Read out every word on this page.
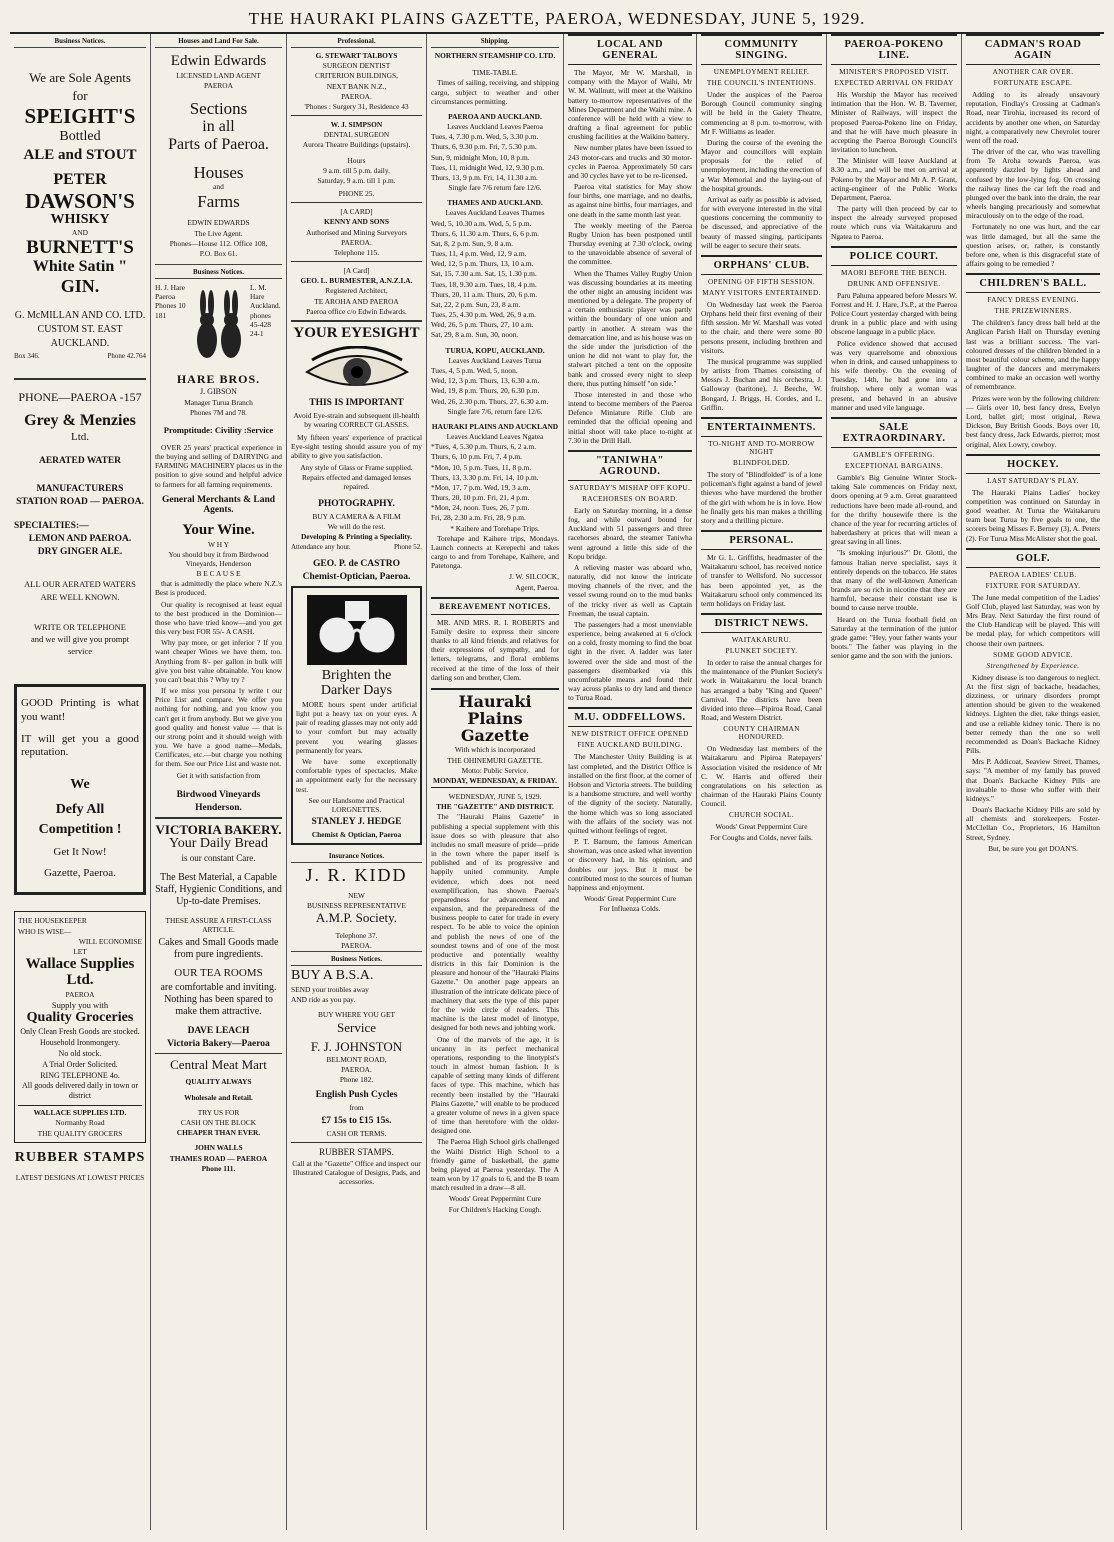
THE HAURAKI PLAINS GAZETTE, PAEROA, WEDNESDAY, JUNE 5, 1929.
Business Notices.
We are Sole Agents
for
SPEIGHT'S
Bottled
ALE and STOUT
PETER
DAWSON'S
WHISKY
AND
BURNETT'S
White Satin "
GIN.
G. McMILLAN AND CO. LTD.
CUSTOM ST. EAST
AUCKLAND.
Box 346.	Phone 42.764
PHONE—PAEROA -157
Grey & Menzies
Ltd.
AERATED WATER
MANUFACTURERS
STATION ROAD — PAEROA.
SPECIALTIES:—
LEMON AND PAEROA.
DRY GINGER ALE.
ALL OUR AERATED WATERS
ARE WELL KNOWN.
WRITE OR TELEPHONE
and we will give you prompt
service
GOOD Printing is what you want!
IT will get you a good reputation.
We
Defy All
Competition !
Get It Now!
Gazette, Paeroa.
THE HOUSEKEEPER
WHO IS WISE—
WILL ECONOMISE
LET
Wallace Supplies Ltd.
PAEROA
Supply you with
Quality Groceries
Only Clean Fresh Goods are stocked.
Household Ironmongery.
No old stock.
A Trial Order Solicited.
RING TELEPHONE 4o.
All goods delivered daily in town or district
WALLACE SUPPLIES LTD.
Normanby Road
THE QUALITY GROCERS
RUBBER STAMPS
LATEST DESIGNS AT LOWEST PRICES
Houses and Land For Sale.
Edwin Edwards
LICENSED LAND AGENT
PAEROA
Sections
in all
Parts of Paeroa.
Houses
and
Farms
EDWIN EDWARDS
The Live Agent.
Phones—House 112. Office 108,
P.O. Box 61.
Business Notices.
H. J. Hare Paeroa Phones 10 181
L. M. Hare Auckland. phones 45-428 24-1
HARE BROS.
J. GIBSON
Manager Turua Branch
Phones 7M and 78.
Promptitude: Civility :Service
OVER 25 years' practical experience in the buying and selling of DAIRYING and FARMING MACHINERY places us in the position to give sound and helpful advice to farmers for all farming requirements.
General Merchants & Land Agents.
Your Wine.
W H Y
You should buy it from Birdwood Vineyards, Henderson
B E C A U S E
that is admittedly the place where N.Z.'s Best is produced.
Our quality is recognised at least equal to the best produced in the Dominion—those who have tried know—and you get this very best FOR 55/- A CASH.
Why pay more, or get inferior ? If you want cheaper Wines we have them, too. Anything from 8/- per gallon in bulk will give you best value obtainable. You know you can't beat this ? Why try ?
If we miss you persona ly write t our Price List and compare. We offer you nothing for nothing, and you know you can't get it from anybody. But we give you good quality and honest value — that is our strong point and it should weigh with you. We have a good name—Medals, Certificates, etc.—but charge you nothing for them. See our Price List and waste not.
Get it with satisfaction from
Birdwood Vineyards
Henderson.
VICTORIA BAKERY.
Your Daily Bread
is our constant Care.
The Best Material, a Capable Staff, Hygienic Conditions, and Up-to-date Premises.
THESE ASSURE A FIRST-CLASS ARTICLE.
Cakes and Small Goods made from pure ingredients.
OUR TEA ROOMS
are comfortable and inviting. Nothing has been spared to make them attractive.
DAVE LEACH
Victoria Bakery—Paeroa
Central Meat Mart
QUALITY ALWAYS
Wholesale and Retail.
TRY US FOR
CASH ON THE BLOCK
CHEAPER THAN EVER.
JOHN WALLS
THAMES ROAD — PAEROA
Phone 111.
Professional.
G. STEWART TALBOYS
SURGEON DENTIST
CRITERION BUILDINGS,
NEXT BANK N.Z.,
PAEROA.
'Phones : Surgery 31, Residence 43
W. J. SIMPSON
DENTAL SURGEON
Aurora Theatre Buildings (upstairs).
Hours
9 a.m. till 5 p.m. daily.
Saturday, 9 a.m. till 1 p.m.
PHONE 25.
[A CARD]
KENNY AND SONS
Authorised and Mining Surveyors
PAEROA.
Telephone 115.
[A Card]
GEO. L. BURMESTER, A.N.Z.I.A.
Registered Architect,
TE AROHA AND PAEROA
Paeroa office c/o Edwin Edwards.
YOUR EYESIGHT
THIS IS IMPORTANT
Avoid Eye-strain and subsequent ill-health by wearing CORRECT GLASSES.
My fifteen years' experience of practical Eye-sight testing should assure you of my ability to give you satisfaction.
Any style of Glass or Frame supplied.
Repairs effected and damaged lenses repaired.
PHOTOGRAPHY.
BUY A CAMERA & A FILM
We will do the rest.
Developing & Printing a Speciality.
Attendance any hour.	Phone 52.
GEO. P. de CASTRO
Chemist-Optician, Paeroa.
Brighten the
Darker Days
MORE hours spent under artificial light put a heavy tax on your eyes. A pair of reading glasses may not only add to your comfort but may actually prevent you wearing glasses permanently for years.
We have some exceptionally comfortable types of spectacles. Make an appointment early for the necessary test.
See our Handsome and Practical LORGNETTES.
STANLEY J. HEDGE
Chemist & Optician, Paeroa
Insurance Notices.
J. R. KIDD
NEW
BUSINESS REPRESENTATIVE
A.M.P. Society.
Telephone 37.
PAEROA.
Business Notices.
BUY A B.S.A.
SEND your troubles away
AND ride as you pay.
BUY WHERE YOU GET
Service
F. J. JOHNSTON
BELMONT ROAD,
PAEROA.
Phone 182.
English Push Cycles
from
£7 15s to £15 15s.
CASH OR TERMS.
RUBBER STAMPS.
Call at the "Gazette" Office and inspect our Illustrated Catalogue of Designs, Pads, and accessories.
Shipping.
NORTHERN STEAMSHIP CO. LTD.
TIME-TABLE.
Times of sailing, receiving, and shipping cargo, subject to weather and other circumstances permitting.
PAEROA AND AUCKLAND.
Leaves Auckland Leaves Paeroa
Tues, 4, 7.30 p.m. Wed, 5, 3.30 p.m.
Thurs, 6, 9.30 p.m. Fri, 7, 5.30 p.m.
Sun, 9, midnight Mon, 10, 8 p.m.
Tues, 11, midnight Wed, 12, 9.30 p.m.
Thurs, 13, 9 p.m. Fri, 14, 11.30 a.m.
Single fare 7/6 return fare 12/6.
THAMES AND AUCKLAND.
Leaves Auckland Leaves Thames
Wed, 5, 10.30 a.m. Wed, 5, 5 p.m.
Thurs, 6, 11.30 a.m. Thurs, 6, 6 p.m.
Sat, 8, 2 p.m. Sun, 9, 8 a.m.
Tues, 11, 4 p.m. Wed, 12, 9 a.m.
Wed, 12, 5 p.m. Thurs, 13, 10 a.m.
Sat, 15, 7.30 a.m. Sat, 15, 1.30 p.m.
Tues, 18, 9.30 a.m. Tues, 18, 4 p.m.
Thurs, 20, 11 a.m. Thurs, 20, 6 p.m.
Sat, 22, 2 p.m. Sun, 23, 8 a.m.
Tues, 25, 4.30 p.m. Wed, 26, 9 a.m.
Wed, 26, 5 p.m. Thurs, 27, 10 a.m.
Sat, 29, 8 a.m. Sun, 30, noon.
TURUA, KOPU, AUCKLAND.
Leaves Auckland Leaves Turua
Tues, 4, 5 p.m. Wed, 5, noon.
Wed, 12, 3 p.m. Thurs, 13, 6.30 a.m.
Wed, 19, 8 p.m. Thurs, 20, 6.30 p.m.
Wed, 26, 2.30 p.m. Thurs, 27, 6.30 a.m.
Single fare 7/6, return fare 12/6.
HAURAKI PLAINS AND AUCKLAND
Leaves Auckland Leaves Ngatea
*Tues, 4, 5.30 p.m. Thurs, 6, 2 a.m.
Thurs, 6, 10 p.m. Fri, 7, 4 p.m.
*Mon, 10, 5 p.m. Tues, 11, 8 p.m.
Thurs, 13, 3.30 p.m. Fri, 14, 10 p.m.
*Mon, 17, 7 p.m. Wed, 19, 3 a.m.
Thurs, 20, 10 p.m. Fri, 21, 4 p.m.
*Mon, 24, noon. Tues, 26, 7 p.m.
Fri, 28, 2.30 a.m. Fri, 28, 9 p.m.
* Kaihere and Torehape Trips.
Torehape and Kaihere trips, Mondays. Launch connects at Kerepechi and takes cargo to and from Torehape, Kaihere, and Patetonga.
J. W. SILCOCK,
Agent, Paeroa.
BEREAVEMENT NOTICES.
MR. AND MRS. R. I. ROBERTS and Family desire to express their sincere thanks to all kind friends and relatives for their expressions of sympathy, and for letters, telegrams, and floral emblems received at the time of the loss of their darling son and brother, Clem.
Hauraki Plains Gazette
With which is incorporated
THE OHINEMURI GAZETTE.
Motto: Public Service.
MONDAY, WEDNESDAY, & FRIDAY.
WEDNESDAY, JUNE 5, 1929.
THE "GAZETTE" AND DISTRICT.
The "Hauraki Plains Gazette" in publishing a special supplement with this issue does so with pleasure that also includes no small measure of pride—pride in the town where the paper itself is published and of its progressive and happily united community. Ample evidence, which does not need exemplification, has shown Paeroa's preparedness for advancement and expansion, and the preparedness of the business people to cater for trade in every respect. To be able to voice the opinion and publish the news of one of the soundest towns and of one of the most productive and potentially wealthy districts in this fair Dominion is the pleasure and honour of the "Hauraki Plains Gazette." On another page appears an illustration of the intricate delicate piece of machinery that sets the type of this paper for the wide circle of readers. This machine is the latest model of linotype, designed for both news and jobbing work.
One of the marvels of the age, it is uncanny in its perfect mechanical operations, responding to the linotypist's touch in almost human fashion. It is capable of setting many kinds of different faces of type. This machine, which has recently been installed by the "Hauraki Plains Gazette," will enable to be produced a greater volume of news in a given space of time than heretofore with the older-designed one.
The Paeroa High School girls challenged the Waihi District High School to a friendly game of basketball, the game being played at Paeroa yesterday. The A team won by 17 goals to 6, and the B team match resulted in a draw—8 all.
Woods' Great Peppermint Cure
For Children's Hacking Cough.
LOCAL AND GENERAL
The Mayor, Mr W. Marshall, in company with the Mayor of Waihi, Mr W. M. Wallnutt, will meet at the Waikino battery to-morrow representatives of the Mines Department and the Waihi mine. A conference will be held with a view to drafting a final agreement for public crushing facilities at the Waikino battery.
New number plates have been issued to 243 motor-cars and trucks and 30 motor-cycles in Paeroa. Approximately 50 cars and 30 cycles have yet to be re-licensed.
Paeroa vital statistics for May show four births, one marriage, and no deaths, as against nine births, four marriages, and one death in the same month last year.
The weekly meeting of the Paeroa Rugby Union has been postponed until Thursday evening at 7.30 o'clock, owing to the unavoidable absence of several of the committee.
When the Thames Valley Rugby Union was discussing boundaries at its meeting the other night an amusing incident was mentioned by a delegate. The property of a certain enthusiastic player was partly within the boundary of one union and partly in another. A stream was the demarcation line, and as his house was on the side under the jurisdiction of the union he did not want to play for, the stalwart pitched a tent on the opposite bank and crossed every night to sleep there, thus putting himself "on side."
Those interested in and those who intend to become members of the Paeroa Defence Miniature Rifle Club are reminded that the official opening and initial shoot will take place to-night at 7.30 in the Drill Hall.
"TANIWHA" AGROUND.
SATURDAY'S MISHAP OFF KOPU.
RACEHORSES ON BOARD.
Early on Saturday morning, in a dense fog, and while outward bound for Auckland with 51 passengers and three racehorses aboard, the steamer Taniwha went aground a little this side of the Kopu bridge.
A relieving master was aboard who, naturally, did not know the intricate moving channels of the river, and the vessel swung round on to the mud banks of the tricky river as well as Captain Freeman, the usual captain.
The passengers had a most unenviable experience, being awakened at 6 o'clock on a cold, frosty morning to find the boat tight in the river. A ladder was later lowered over the side and most of the passengers disembarked via this uncomfortable means and found their way across planks to dry land and thence to Turua Road.
M.U. ODDFELLOWS.
NEW DISTRICT OFFICE OPENED
FINE AUCKLAND BUILDING.
The Manchester Unity Building is at last completed, and the District Office is installed on the first floor, at the corner of Hobson and Victoria streets. The building is a handsome structure, and well worthy of the dignity of the society. Naturally, the home which was so long associated with the affairs of the society was not quitted without feelings of regret.
P. T. Barnum, the famous American showman, was once asked what invention or discovery had, in his opinion, and doubles our joys. But it must be contributed most to the sources of human happiness and enjoyment.
Woods' Great Peppermint Cure
For Influenza Colds.
COMMUNITY SINGING.
UNEMPLOYMENT RELIEF.
THE COUNCIL'S INTENTIONS.
Under the auspices of the Paeroa Borough Council community singing will be held in the Gaiety Theatre, commencing at 8 p.m. to-morrow, with Mr F. Williams as leader.
During the course of the evening the Mayor and councillors will explain proposals for the relief of unemployment, including the erection of a War Memorial and the laying-out of the hospital grounds.
Arrival as early as possible is advised, for with everyone interested in the vital questions concerning the community to be discussed, and appreciative of the beauty of massed singing, participants will be eager to secure their seats.
ORPHANS' CLUB.
OPENING OF FIFTH SESSION.
MANY VISITORS ENTERTAINED.
On Wednesday last week the Paeroa Orphans held their first evening of their fifth session. Mr W. Marshall was voted to the chair, and there were some 80 persons present, including brethren and visitors.
The musical programme was supplied by artists from Thames consisting of Messrs J. Buchan and his orchestra, J. Galloway (baritone), J. Beeche, W. Bongard, J. Briggs, H. Cordes, and L. Griffin.
ENTERTAINMENTS.
TO-NIGHT AND TO-MORROW NIGHT
BLINDFOLDED.
The story of "Blindfolded" is of a lone policeman's fight against a band of jewel thieves who have murdered the brother of the girl with whom he is in love. How he finally gets his man makes a thrilling story and a thrilling picture.
PERSONAL.
Mr G. L. Griffiths, headmaster of the Waitakaruru school, has received notice of transfer to Wellsford. No successor has been appointed yet, as the Waitakaruru school only commenced its term holidays on Friday last.
DISTRICT NEWS.
WAITAKARURU.
PLUNKET SOCIETY.
In order to raise the annual charges for the maintenance of the Plunket Society's work in Waitakaruru the local branch has arranged a baby "King and Queen" Carnival. The districts have been divided into three—Pipiroa Road, Canal Road, and Western District.
COUNTY CHAIRMAN HONOURED.
On Wednesday last members of the Waitakaruru and Pipiroa Ratepayers' Association visited the residence of Mr C. W. Harris and offered their congratulations on his selection as chairman of the Hauraki Plains County Council.
CHURCH SOCIAL.
Woods' Great Peppermint Cure
For Coughs and Colds, never fails.
PAEROA-POKENO LINE.
MINISTER'S PROPOSED VISIT.
EXPECTED ARRIVAL ON FRIDAY
His Worship the Mayor has received intimation that the Hon. W. B. Taverner, Minister of Railways, will inspect the proposed Paeroa-Pokeno line on Friday, and that he will have much pleasure in accepting the Paeroa Borough Council's invitation to luncheon.
The Minister will leave Auckland at 8.30 a.m., and will be met on arrival at Pokeno by the Mayor and Mr A. P. Grant, acting-engineer of the Public Works Department, Paeroa.
The party will then proceed by car to inspect the already surveyed proposed route which runs via Waitakaruru and Ngatea to Paeroa.
POLICE COURT.
MAORI BEFORE THE BENCH.
DRUNK AND OFFENSIVE.
Paru Pahuna appeared before Messrs W. Forrest and H. J. Hare, J's.P., at the Paeroa Police Court yesterday charged with being drunk in a public place and with using obscene language in a public place.
Police evidence showed that accused was very quarrelsome and obnoxious when in drink, and caused unhappiness to his wife thereby. On the evening of Tuesday, 14th, he had gone into a fruitshop, where only a woman was present, and behaved in an abusive manner and used vile language.
SALE EXTRAORDINARY.
GAMBLE'S OFFERING.
EXCEPTIONAL BARGAINS.
Gamble's Big Genuine Winter Stock-taking Sale commences on Friday next, doors opening at 9 a.m. Great guaranteed reductions have been made all-round, and for the thrifty housewife there is the chance of the year for recurring articles of haberdashery at prices that will mean a great saving in all lines.
"Is smoking injurious?" Dr. Glotti, the famous Italian nerve specialist, says it entirely depends on the tobacco. He states that many of the well-known American brands are so rich in nicotine that they are harmful, because their constant use is bound to cause nerve trouble.
Heard on the Turua football field on Saturday at the termination of the junior grade game: "Hey, your father wants your boots." The father was playing in the senior game and the son with the juniors.
CADMAN'S ROAD AGAIN
ANOTHER CAR OVER.
FORTUNATE ESCAPE.
Adding to its already unsavoury reputation, Findlay's Crossing at Cadman's Road, near Tirohia, increased its record of accidents by another one when, on Saturday night, a comparatively new Chevrolet tourer went off the road.
The driver of the car, who was travelling from Te Aroha towards Paeroa, was apparently dazzled by lights ahead and confused by the low-lying fog. On crossing the railway lines the car left the road and plunged over the bank into the drain, the rear wheels hanging precariously and somewhat miraculously on to the edge of the road.
Fortunately no one was hurt, and the car was little damaged, but all the same the question arises, or, rather, is constantly before one, when is this disgraceful state of affairs going to be remedied ?
CHILDREN'S BALL.
FANCY DRESS EVENING.
THE PRIZEWINNERS.
The children's fancy dress ball held at the Anglican Parish Hall on Thursday evening last was a brilliant success. The vari-coloured dresses of the children blended in a most beautiful colour scheme, and the happy laughter of the dancers and merrymakers combined to make an occasion well worthy of remembrance.
Prizes were won by the following children:— Girls over 10, best fancy dress, Evelyn Lord, ballet girl; most original, Rewa Dickson, Buy British Goods. Boys over 10, best fancy dress, Jack Edwards, pierrot; most original, Alex Lowry, cowboy.
HOCKEY.
LAST SATURDAY'S PLAY.
The Hauraki Plains Ladies' hockey competition was continued on Saturday in good weather. At Turua the Waitakaruru team beat Turua by five goals to one, the scorers being Misses F. Berney (3), A. Peters (2). For Turua Miss McAlister shot the goal.
GOLF.
PAEROA LADIES' CLUB.
FIXTURE FOR SATURDAY.
The June medal competition of the Ladies' Golf Club, played last Saturday, was won by Mrs Bray. Next Saturday the first round of the Club Handicap will be played. This will be medal play, for which competitors will choose their own partners.
SOME GOOD ADVICE.
Strengthened by Experience.
Kidney disease is too dangerous to neglect. At the first sign of backache, headaches, dizziness, or urinary disorders prompt attention should be given to the weakened kidneys. Lighten the diet, take things easier, and use a reliable kidney tonic. There is no better remedy than the one so well recommended as Doan's Backache Kidney Pills.
Mrs P. Addicoat, Seaview Street, Thames, says: "A member of my family has proved that Doan's Backache Kidney Pills are invaluable to those who suffer with their kidneys."
Doan's Backache Kidney Pills are sold by all chemists and storekeepers. Foster-McClellan Co., Proprietors, 16 Hamilton Street, Sydney.
But, be sure you get DOAN'S.
